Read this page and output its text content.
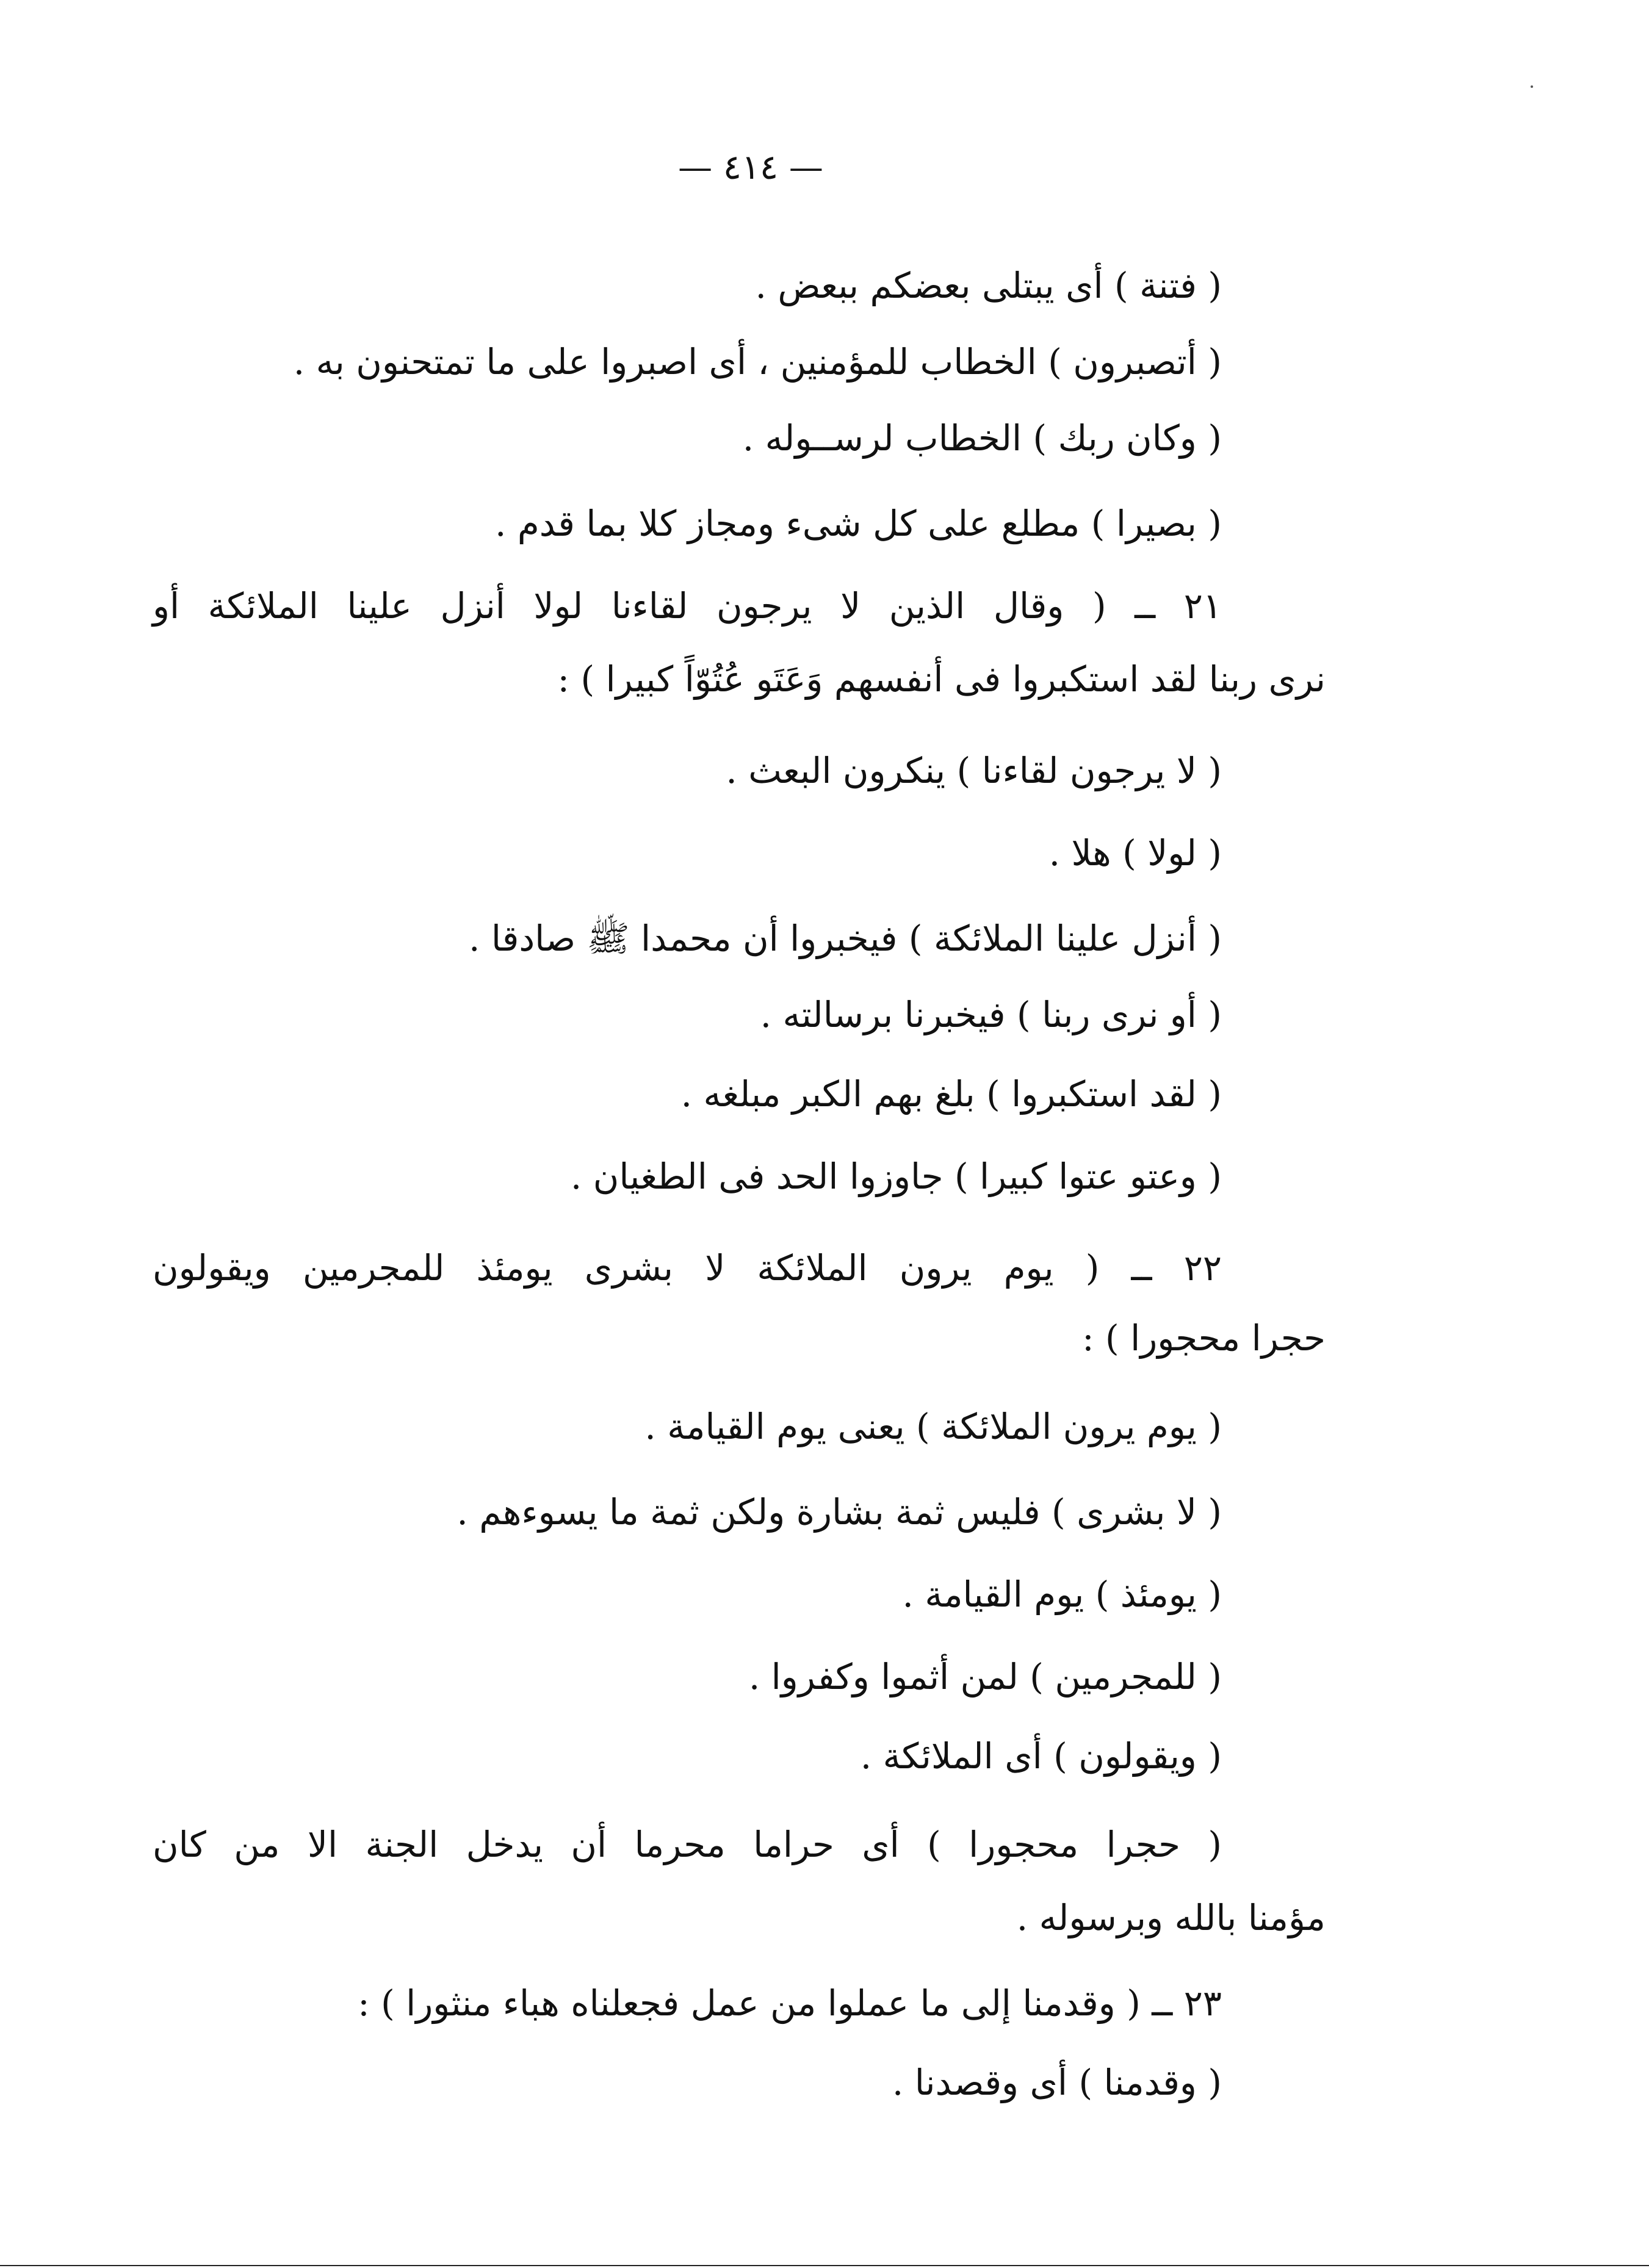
— ٤١٤ —
( فتنة ) أى يبتلى بعضكم ببعض .
( أتصبرون ) الخطاب للمؤمنين ، أى اصبروا على ما تمتحنون به .
( وكان ربك ) الخطاب لرســوله .
( بصيرا ) مطلع على كل شىء ومجاز كلا بما قدم .
٢١ ــ ( وقال الذين لا يرجون لقاءنا لولا أنزل علينا الملائكة أو
نرى ربنا لقد استكبروا فى أنفسهم وَعَتَو عُتُوّاً كبيرا ) :
( لا يرجون لقاءنا ) ينكرون البعث .
( لولا ) هلا .
( أنزل علينا الملائكة ) فيخبروا أن محمدا ﷺ صادقا .
( أو نرى ربنا ) فيخبرنا برسالته .
( لقد استكبروا ) بلغ بهم الكبر مبلغه .
( وعتو عتوا كبيرا ) جاوزوا الحد فى الطغيان .
٢٢ ــ ( يوم يرون الملائكة لا بشرى يومئذ للمجرمين ويقولون
حجرا محجورا ) :
( يوم يرون الملائكة ) يعنى يوم القيامة .
( لا بشرى ) فليس ثمة بشارة ولكن ثمة ما يسوءهم .
( يومئذ ) يوم القيامة .
( للمجرمين ) لمن أثموا وكفروا .
( ويقولون ) أى الملائكة .
( حجرا محجورا ) أى حراما محرما أن يدخل الجنة الا من كان
مؤمنا بالله وبرسوله .
٢٣ ــ ( وقدمنا إلى ما عملوا من عمل فجعلناه هباء منثورا ) :
( وقدمنا ) أى وقصدنا .
